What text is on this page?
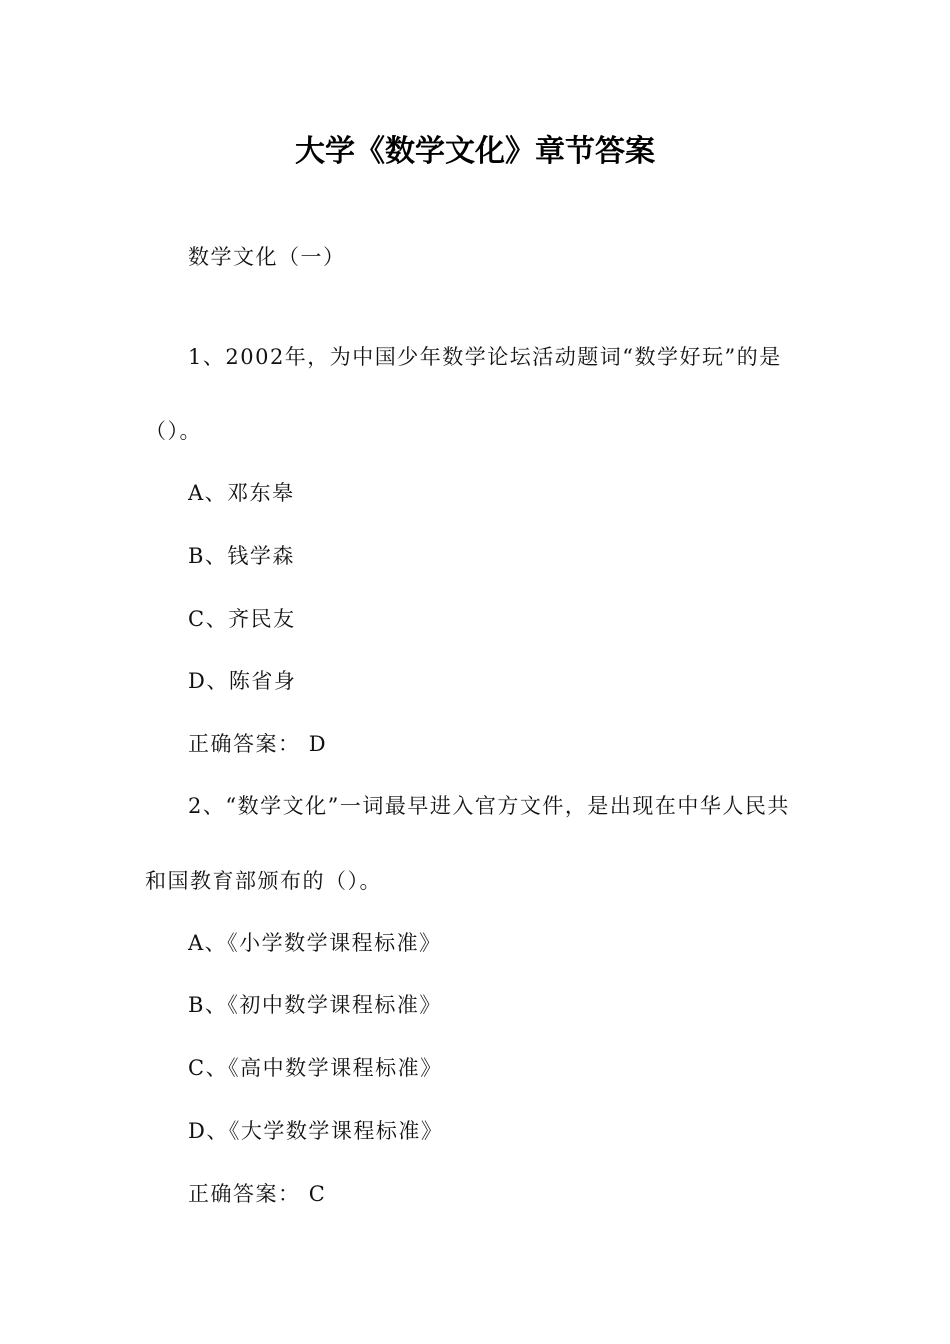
大学《数学文化》章节答案

数学文化（一）

1、2002年，为中国少年数学论坛活动题词“数学好玩”的是

（）。

A、邓东皋

B、钱学森

C、齐民友

D、陈省身

正确答案： D

2、“数学文化”一词最早进入官方文件，是出现在中华人民共

和国教育部颁布的（）。

A、《小学数学课程标准》

B、《初中数学课程标准》

C、《高中数学课程标准》

D、《大学数学课程标准》

正确答案： C
